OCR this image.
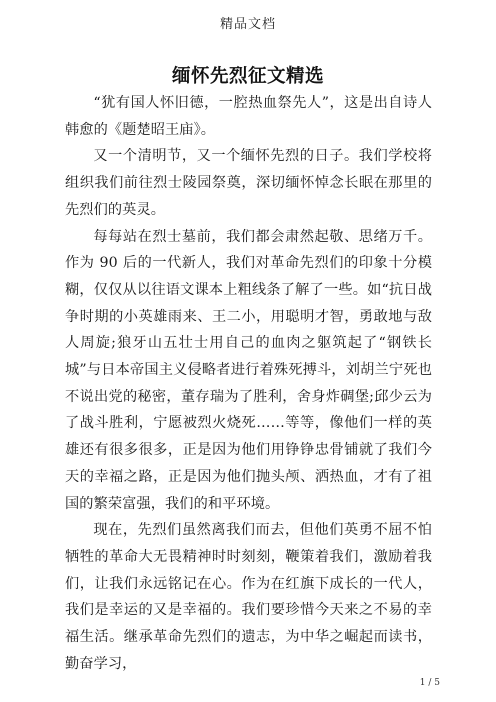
精品文档
缅怀先烈征文精选

“犹有国人怀旧德，一腔热血祭先人”，这是出自诗人韩愈的《题楚昭王庙》。

又一个清明节，又一个缅怀先烈的日子。我们学校将组织我们前往烈士陵园祭奠，深切缅怀悼念长眠在那里的先烈们的英灵。

每每站在烈士墓前，我们都会肃然起敬、思绪万千。作为 90 后的一代新人，我们对革命先烈们的印象十分模糊，仅仅从以往语文课本上粗线条了解了一些。如“抗日战争时期的小英雄雨来、王二小，用聪明才智，勇敢地与敌人周旋;狼牙山五壮士用自己的血肉之躯筑起了“钢铁长城”与日本帝国主义侵略者进行着殊死搏斗，刘胡兰宁死也不说出党的秘密，董存瑞为了胜利，舍身炸碉堡;邱少云为了战斗胜利，宁愿被烈火烧死……等等，像他们一样的英雄还有很多很多，正是因为他们用铮铮忠骨铺就了我们今天的幸福之路，正是因为他们抛头颅、洒热血，才有了祖国的繁荣富强，我们的和平环境。

现在，先烈们虽然离我们而去，但他们英勇不屈不怕牺牲的革命大无畏精神时时刻刻，鞭策着我们，激励着我们，让我们永远铭记在心。作为在红旗下成长的一代人，我们是幸运的又是幸福的。我们要珍惜今天来之不易的幸福生活。继承革命先烈们的遗志，为中华之崛起而读书，勤奋学习，

1 / 5
